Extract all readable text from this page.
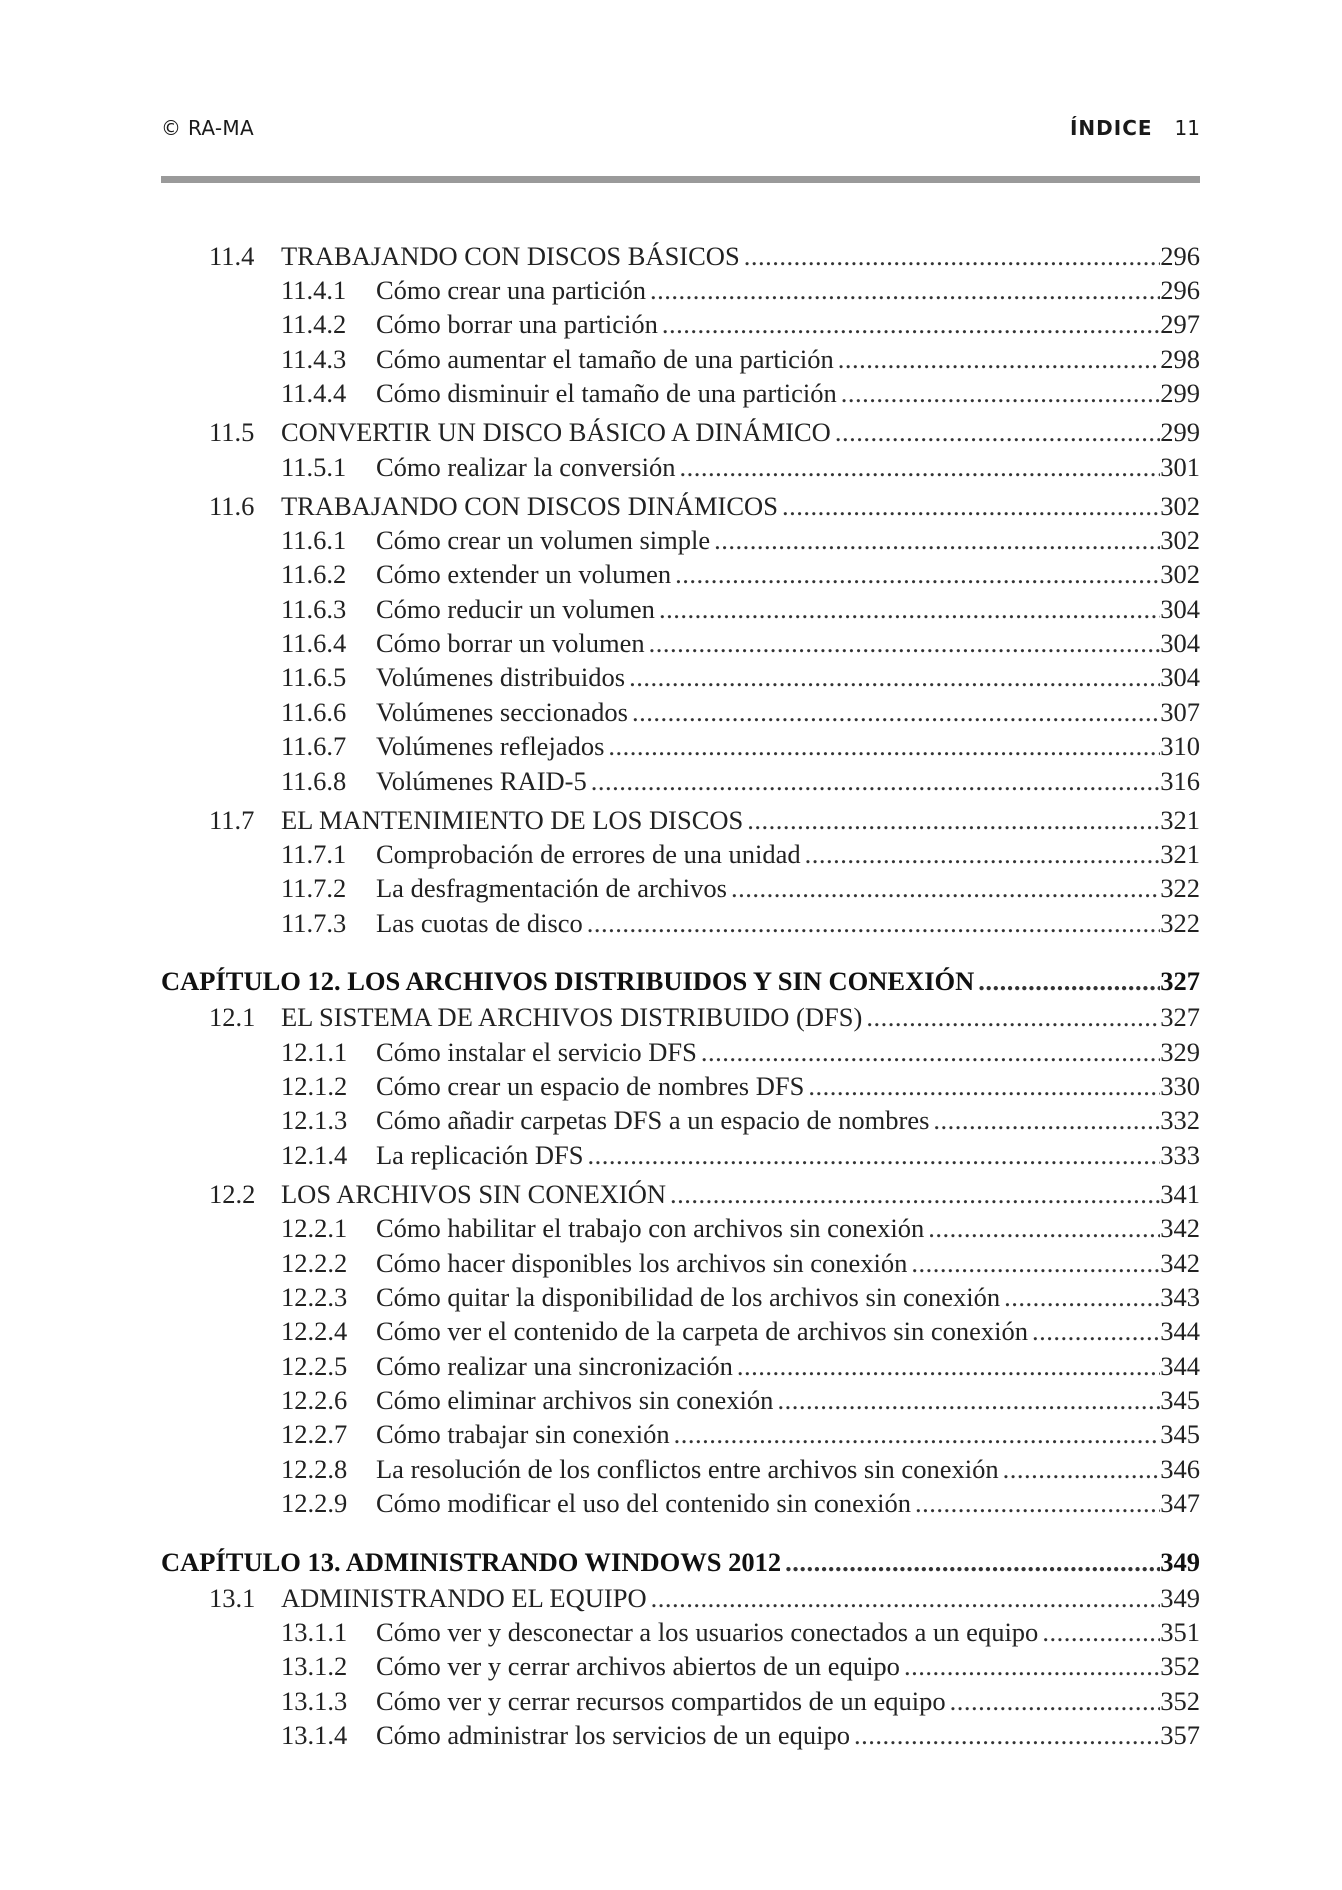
© RA-MA	ÍNDICE 11
11.4	TRABAJANDO CON DISCOS BÁSICOS .....	296
11.4.1	Cómo crear una partición .....	296
11.4.2	Cómo borrar una partición .....	297
11.4.3	Cómo aumentar el tamaño de una partición .....	298
11.4.4	Cómo disminuir el tamaño de una partición .....	299
11.5	CONVERTIR UN DISCO BÁSICO A DINÁMICO .....	299
11.5.1	Cómo realizar la conversión .....	301
11.6	TRABAJANDO CON DISCOS DINÁMICOS .....	302
11.6.1	Cómo crear un volumen simple .....	302
11.6.2	Cómo extender un volumen .....	302
11.6.3	Cómo reducir un volumen .....	304
11.6.4	Cómo borrar un volumen .....	304
11.6.5	Volúmenes distribuidos .....	304
11.6.6	Volúmenes seccionados .....	307
11.6.7	Volúmenes reflejados .....	310
11.6.8	Volúmenes RAID-5 .....	316
11.7	EL MANTENIMIENTO DE LOS DISCOS .....	321
11.7.1	Comprobación de errores de una unidad .....	321
11.7.2	La desfragmentación de archivos .....	322
11.7.3	Las cuotas de disco .....	322
CAPÍTULO 12. LOS ARCHIVOS DISTRIBUIDOS Y SIN CONEXIÓN .....	327
12.1 EL SISTEMA DE ARCHIVOS DISTRIBUIDO (DFS) .....	327
12.1.1	Cómo instalar el servicio DFS .....	329
12.1.2	Cómo crear un espacio de nombres DFS .....	330
12.1.3	Cómo añadir carpetas DFS a un espacio de nombres .....	332
12.1.4	La replicación DFS .....	333
12.2 LOS ARCHIVOS SIN CONEXIÓN .....	341
12.2.1	Cómo habilitar el trabajo con archivos sin conexión .....	342
12.2.2	Cómo hacer disponibles los archivos sin conexión .....	342
12.2.3	Cómo quitar la disponibilidad de los archivos sin conexión .....	343
12.2.4	Cómo ver el contenido de la carpeta de archivos sin conexión .....	344
12.2.5	Cómo realizar una sincronización .....	344
12.2.6	Cómo eliminar archivos sin conexión .....	345
12.2.7	Cómo trabajar sin conexión .....	345
12.2.8	La resolución de los conflictos entre archivos sin conexión .....	346
12.2.9	Cómo modificar el uso del contenido sin conexión .....	347
CAPÍTULO 13. ADMINISTRANDO WINDOWS 2012 .....	349
13.1 ADMINISTRANDO EL EQUIPO .....	349
13.1.1	Cómo ver y desconectar a los usuarios conectados a un equipo .....	351
13.1.2	Cómo ver y cerrar archivos abiertos de un equipo .....	352
13.1.3	Cómo ver y cerrar recursos compartidos de un equipo .....	352
13.1.4	Cómo administrar los servicios de un equipo .....	357
